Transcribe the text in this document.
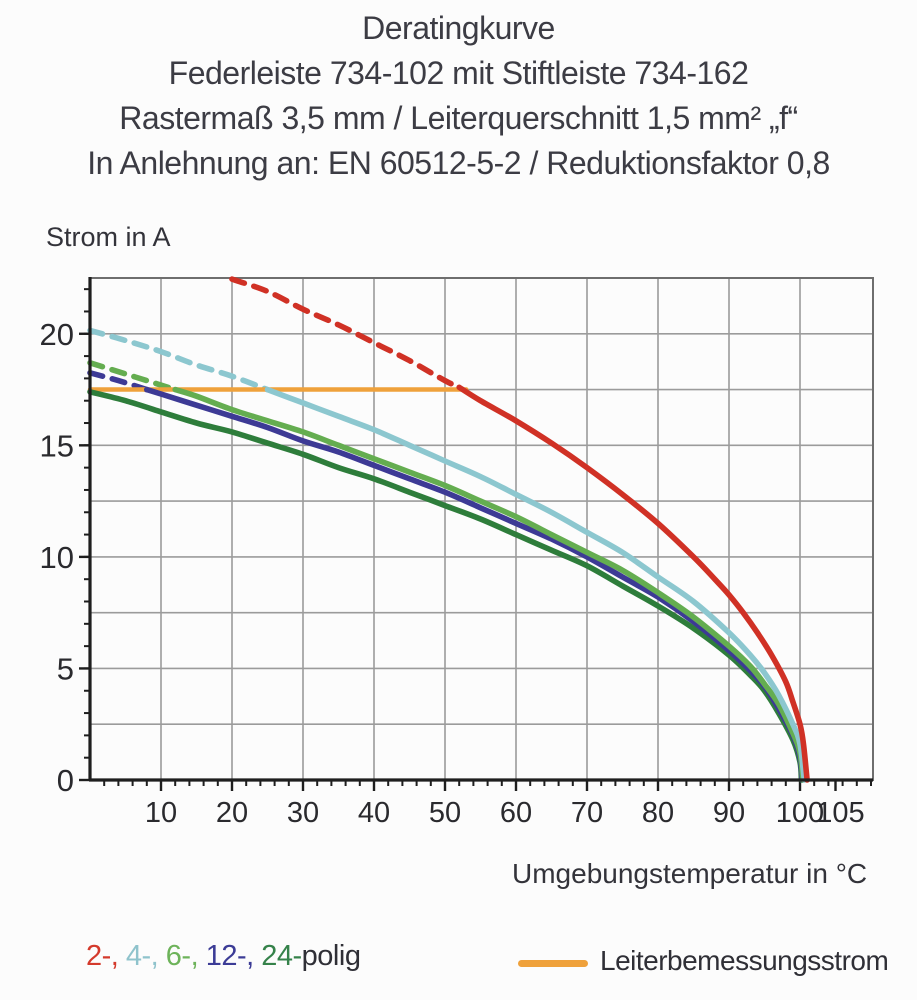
Deratingkurve
Federleiste 734-102 mit Stiftleiste 734-162
Rastermaß 3,5 mm / Leiterquerschnitt 1,5 mm² „f“
In Anlehnung an: EN 60512-5-2 / Reduktionsfaktor 0,8
Strom in A
10 20 30 40 50 60 70 80 90 100
105
0
5
10
15
20
Umgebungstemperatur in °C
2-, 4-, 6-, 12-, 24-polig	Leiterbemessungsstrom
